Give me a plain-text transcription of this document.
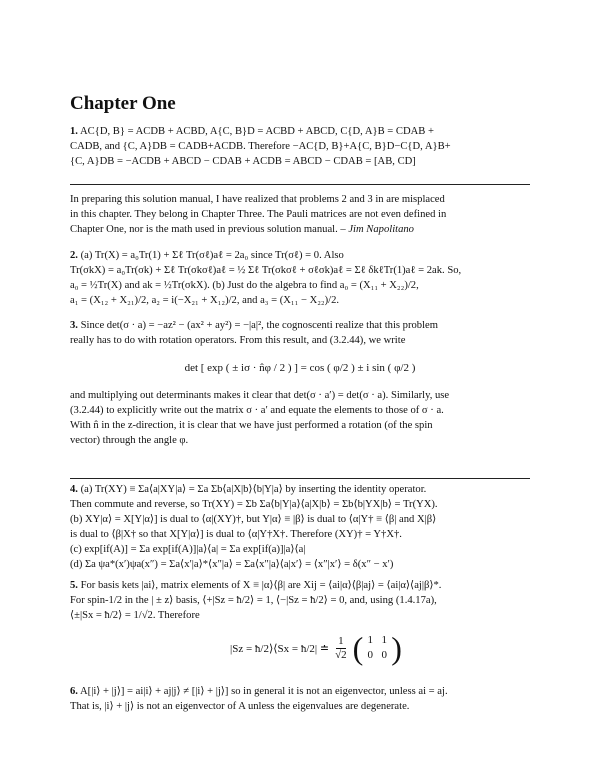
Chapter One
1. AC{D, B} = ACDB + ACBD, A{C, B}D = ACBD + ABCD, C{D, A}B = CDAB +
CADB, and {C, A}DB = CADB+ACDB. Therefore −AC{D, B}+A{C, B}D−C{D, A}B+
{C, A}DB = −ACDB + ABCD − CDAB + ACDB = ABCD − CDAB = [AB, CD]
In preparing this solution manual, I have realized that problems 2 and 3 in are misplaced
in this chapter. They belong in Chapter Three. The Pauli matrices are not even defined in
Chapter One, nor is the math used in previous solution manual. – Jim Napolitano
2. (a) Tr(X) = a₀Tr(1) + Σℓ Tr(σℓ)aℓ = 2a₀ since Tr(σℓ) = 0. Also
Tr(σkX) = a₀Tr(σk) + Σℓ Tr(σkσℓ)aℓ = ½ Σℓ Tr(σkσℓ + σℓσk)aℓ = Σℓ δkℓTr(1)aℓ = 2ak. So,
a₀ = ½Tr(X) and ak = ½Tr(σkX). (b) Just do the algebra to find a₀ = (X₁₁ + X₂₂)/2,
a₁ = (X₁₂ + X₂₁)/2, a₂ = i(−X₂₁ + X₁₂)/2, and a₃ = (X₁₁ − X₂₂)/2.
3. Since det(σ · a) = −az² − (ax² + ay²) = −|a|², the cognoscenti realize that this problem
really has to do with rotation operators. From this result, and (3.2.44), we write
det [ exp ( ± iσ · n̂φ / 2 ) ] = cos ( φ/2 ) ± i sin ( φ/2 )
and multiplying out determinants makes it clear that det(σ · a′) = det(σ · a). Similarly, use
(3.2.44) to explicitly write out the matrix σ · a′ and equate the elements to those of σ · a.
With n̂ in the z-direction, it is clear that we have just performed a rotation (of the spin
vector) through the angle φ.
4. (a) Tr(XY) ≡ Σa⟨a|XY|a⟩ = Σa Σb⟨a|X|b⟩⟨b|Y|a⟩ by inserting the identity operator.
Then commute and reverse, so Tr(XY) = Σb Σa⟨b|Y|a⟩⟨a|X|b⟩ = Σb⟨b|YX|b⟩ = Tr(YX).
(b) XY|α⟩ = X[Y|α⟩] is dual to ⟨α|(XY)†, but Y|α⟩ ≡ |β⟩ is dual to ⟨α|Y† ≡ ⟨β| and X|β⟩
is dual to ⟨β|X† so that X[Y|α⟩] is dual to ⟨α|Y†X†. Therefore (XY)† = Y†X†.
(c) exp[if(A)] = Σa exp[if(A)]|a⟩⟨a| = Σa exp[if(a)]|a⟩⟨a|
(d) Σa ψa*(x′)ψa(x″) = Σa⟨x′|a⟩*⟨x″|a⟩ = Σa⟨x″|a⟩⟨a|x′⟩ = ⟨x″|x′⟩ = δ(x″ − x′)
5. For basis kets |ai⟩, matrix elements of X ≡ |α⟩⟨β| are Xij = ⟨ai|α⟩⟨β|aj⟩ = ⟨ai|α⟩⟨aj|β⟩*.
For spin-1/2 in the | ± z⟩ basis, ⟨+|Sz = ħ/2⟩ = 1, ⟨−|Sz = ħ/2⟩ = 0, and, using (1.4.17a),
⟨±|Sx = ħ/2⟩ = 1/√2. Therefore
|Sz = ħ/2⟩⟨Sx = ħ/2| ≐ $\frac{1}{√2}$ ( 1 1
0 0 )
6. A[|i⟩ + |j⟩] = ai|i⟩ + aj|j⟩ ≠ [|i⟩ + |j⟩] so in general it is not an eigenvector, unless ai = aj.
That is, |i⟩ + |j⟩ is not an eigenvector of A unless the eigenvalues are degenerate.
